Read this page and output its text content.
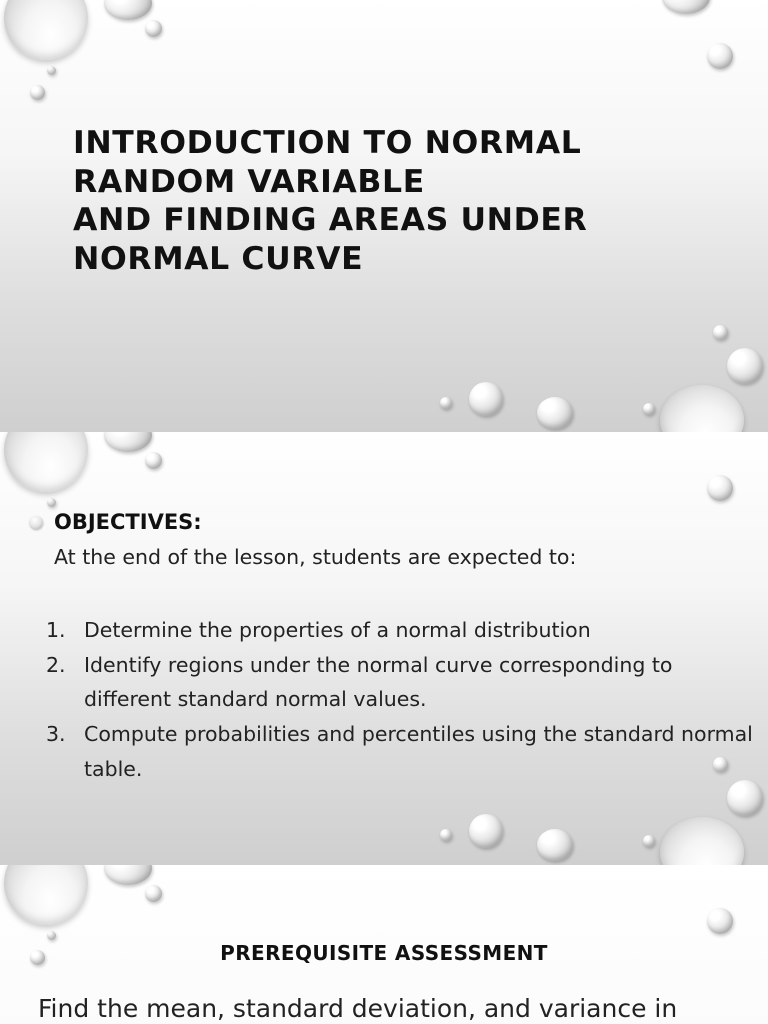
INTRODUCTION TO NORMAL
RANDOM VARIABLE
AND FINDING AREAS UNDER
NORMAL CURVE
OBJECTIVES:
At the end of the lesson, students are expected to:
1. Determine the properties of a normal distribution
2. Identify regions under the normal curve corresponding to different standard normal values.
3. Compute probabilities and percentiles using the standard normal table.
PREREQUISITE ASSESSMENT
Find the mean, standard deviation, and variance in
